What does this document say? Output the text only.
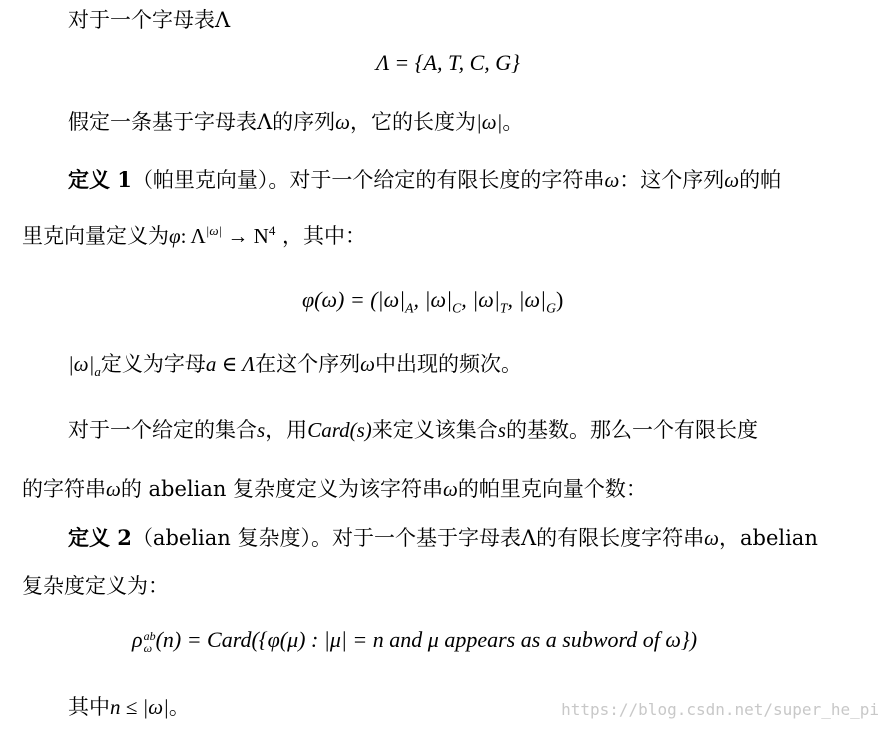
对于一个字母表Λ
Λ = {A, T, C, G}
假定一条基于字母表Λ的序列ω，它的长度为|ω|。
定义 1（帕里克向量）。对于一个给定的有限长度的字符串ω：这个序列ω的帕
里克向量定义为φ: $\Lambda^{|\omega|} \to N^4$ ，其中：
$\varphi(\omega) = (|\omega|_A$, $|\omega|_C$, $|\omega|_T$, $|\omega|_G$)
$|\omega|_a$定义为字母a ∈ Λ在这个序列ω中出现的频次。
对于一个给定的集合s，用Card(s)来定义该集合s的基数。那么一个有限长度
的字符串ω的 abelian 复杂度定义为该字符串ω的帕里克向量个数：
定义 2（abelian 复杂度）。对于一个基于字母表Λ的有限长度字符串ω，abelian
复杂度定义为：
ρ ab
ω (n) = Card({φ(μ) : |μ| = n and μ appears as a subword of ω})
其中n ≤ |ω|。	https://blog.csdn.net/super_he_pi
